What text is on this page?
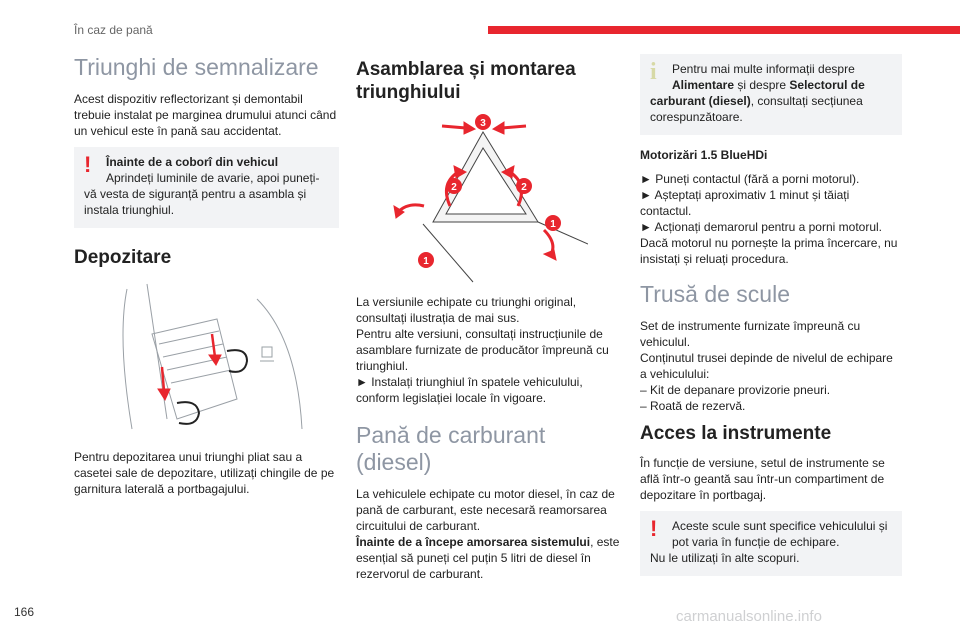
În caz de pană
Triunghi de semnalizare

Acest dispozitiv reflectorizant și demontabil trebuie instalat pe marginea drumului atunci când un vehicul este în pană sau accidentat.

!	Înainte de a coborî din vehicul
Aprindeți luminile de avarie, apoi puneți-vă vesta de siguranță pentru a asambla și instala triunghiul.

Depozitare

Pentru depozitarea unui triunghi pliat sau a casetei sale de depozitare, utilizați chingile de pe garnitura laterală a portbagajului.

Asamblarea și montarea triunghiului
3
2	2
1
1

La versiunile echipate cu triunghi original, consultați ilustrația de mai sus.
Pentru alte versiuni, consultați instrucțiunile de asamblare furnizate de producător împreună cu triunghiul.
► Instalați triunghiul în spatele vehiculului, conform legislației locale în vigoare.

Pană de carburant (diesel)

La vehiculele echipate cu motor diesel, în caz de pană de carburant, este necesară reamorsarea circuitului de carburant.
Înainte de a începe amorsarea sistemului, este esențial să puneți cel puțin 5 litri de diesel în rezervorul de carburant.

i	Pentru mai multe informații despre Alimentare și despre Selectorul de carburant (diesel), consultați secțiunea corespunzătoare.

Motorizări 1.5 BlueHDi

► Puneți contactul (fără a porni motorul).
► Așteptați aproximativ 1 minut și tăiați contactul.
► Acționați demarorul pentru a porni motorul.
Dacă motorul nu pornește la prima încercare, nu insistați și reluați procedura.

Trusă de scule

Set de instrumente furnizate împreună cu vehiculul.
Conținutul trusei depinde de nivelul de echipare a vehiculului:
– Kit de depanare provizorie pneuri.
– Roată de rezervă.

Acces la instrumente

În funcție de versiune, setul de instrumente se află într-o geantă sau într-un compartiment de depozitare în portbagaj.

!	Aceste scule sunt specifice vehiculului și pot varia în funcție de echipare.
Nu le utilizați în alte scopuri.

166	carmanualsonline.info
